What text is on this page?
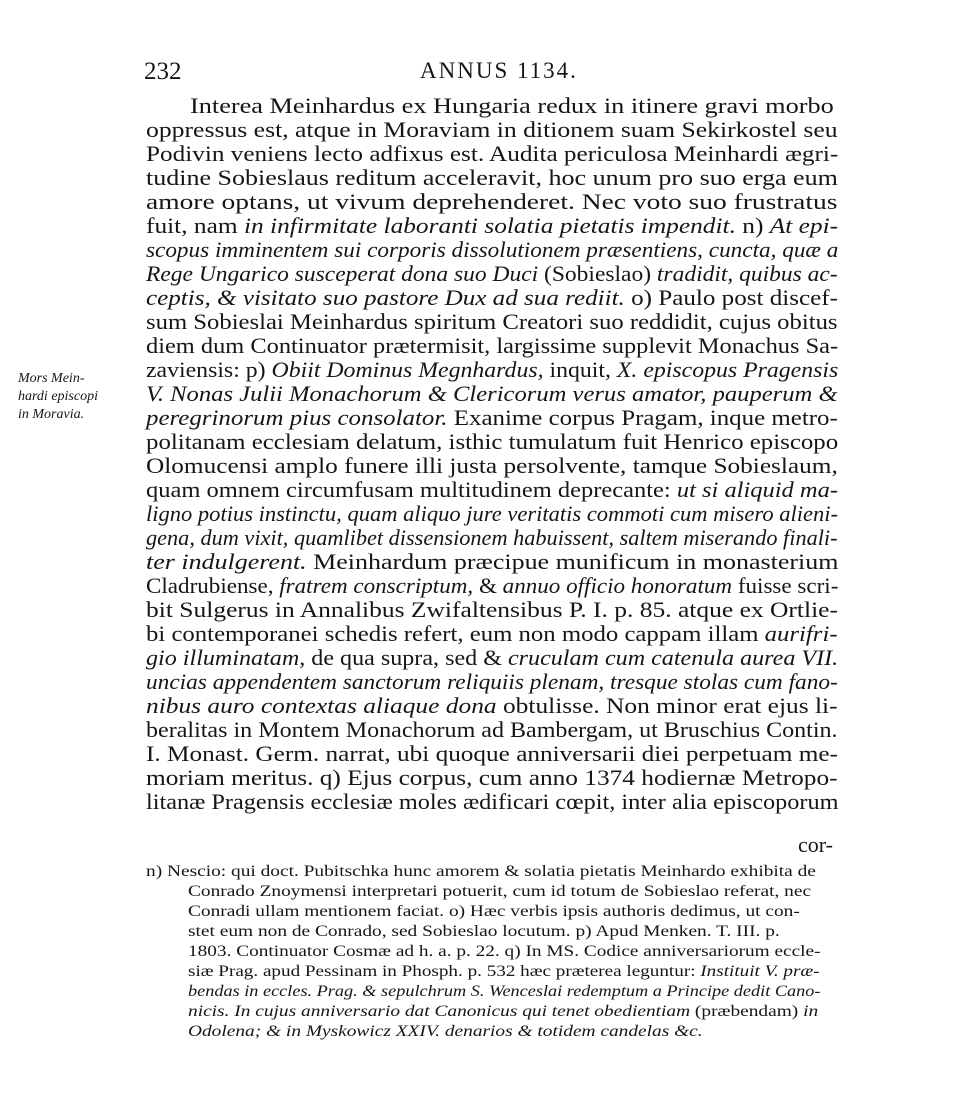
232	ANNUS 1134.
Mors Mein-
hardi episcopi
in Moravia.
Interea Meinhardus ex Hungaria redux in itinere gravi morbo
oppressus est, atque in Moraviam in ditionem suam Sekirkostel seu
Podivin veniens lecto adfixus est. Audita periculosa Meinhardi ægri-
tudine Sobieslaus reditum acceleravit, hoc unum pro suo erga eum
amore optans, ut vivum deprehenderet. Nec voto suo frustratus
fuit, nam in infirmitate laboranti solatia pietatis impendit. n) At epi-
scopus imminentem sui corporis dissolutionem præsentiens, cuncta, quæ a
Rege Ungarico susceperat dona suo Duci (Sobieslao) tradidit, quibus ac-
ceptis, & visitato suo pastore Dux ad sua rediit. o) Paulo post discef-
sum Sobieslai Meinhardus spiritum Creatori suo reddidit, cujus obitus
diem dum Continuator prætermisit, largissime supplevit Monachus Sa-
zaviensis: p) Obiit Dominus Megnhardus, inquit, X. episcopus Pragensis
V. Nonas Julii Monachorum & Clericorum verus amator, pauperum &
peregrinorum pius consolator. Exanime corpus Pragam, inque metro-
politanam ecclesiam delatum, isthic tumulatum fuit Henrico episcopo
Olomucensi amplo funere illi justa persolvente, tamque Sobieslaum,
quam omnem circumfusam multitudinem deprecante: ut si aliquid ma-
ligno potius instinctu, quam aliquo jure veritatis commoti cum misero alieni-
gena, dum vixit, quamlibet dissensionem habuissent, saltem miserando finali-
ter indulgerent. Meinhardum præcipue munificum in monasterium
Cladrubiense, fratrem conscriptum, & annuo officio honoratum fuisse scri-
bit Sulgerus in Annalibus Zwifaltensibus P. I. p. 85. atque ex Ortlie-
bi contemporanei schedis refert, eum non modo cappam illam aurifri-
gio illuminatam, de qua supra, sed & cruculam cum catenula aurea VII.
uncias appendentem sanctorum reliquiis plenam, tresque stolas cum fano-
nibus auro contextas aliaque dona obtulisse. Non minor erat ejus li-
beralitas in Montem Monachorum ad Bambergam, ut Bruschius Contin.
I. Monast. Germ. narrat, ubi quoque anniversarii diei perpetuam me-
moriam meritus. q) Ejus corpus, cum anno 1374 hodiernæ Metropo-
litanæ Pragensis ecclesiæ moles ædificari cœpit, inter alia episcoporum
cor-
n) Nescio: qui doct. Pubitschka hunc amorem & solatia pietatis Meinhardo exhibita de
Conrado Znoymensi interpretari potuerit, cum id totum de Sobieslao referat, nec
Conradi ullam mentionem faciat. o) Hæc verbis ipsis authoris dedimus, ut con-
stet eum non de Conrado, sed Sobieslao locutum. p) Apud Menken. T. III. p.
1803. Continuator Cosmæ ad h. a. p. 22. q) In MS. Codice anniversariorum eccle-
siæ Prag. apud Pessinam in Phosph. p. 532 hæc præterea leguntur: Instituit V. præ-
bendas in eccles. Prag. & sepulchrum S. Wenceslai redemptum a Principe dedit Cano-
nicis. In cujus anniversario dat Canonicus qui tenet obedientiam (præbendam) in
Odolena; & in Myskowicz XXIV. denarios & totidem candelas &c.
